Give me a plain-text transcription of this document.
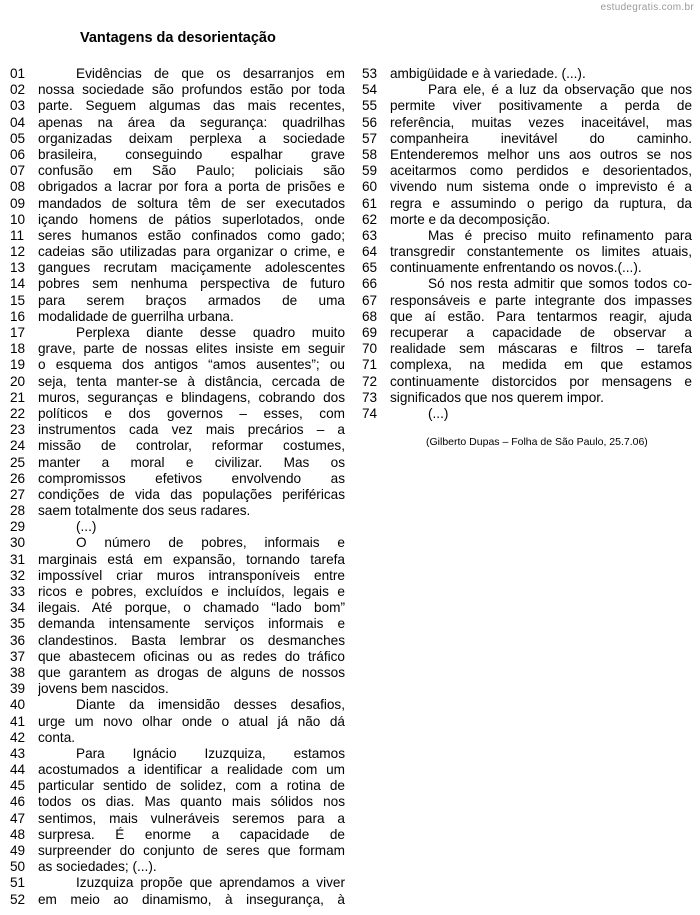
estudegratis.com.br
Vantagens da desorientação
01	Evidências de que os desarranjos em
02 nossa sociedade são profundos estão por toda
03 parte. Seguem algumas das mais recentes,
04 apenas na área da segurança: quadrilhas
05 organizadas deixam perplexa a sociedade
06 brasileira, conseguindo espalhar grave
07 confusão em São Paulo; policiais são
08 obrigados a lacrar por fora a porta de prisões e
09 mandados de soltura têm de ser executados
10 içando homens de pátios superlotados, onde
11	seres humanos estão confinados como gado;
12 cadeias são utilizadas para organizar o crime, e
13 gangues recrutam maciçamente adolescentes
14 pobres sem nenhuma perspectiva de futuro
15 para serem braços armados de uma
16 modalidade de guerrilha urbana.
17	Perplexa diante desse quadro muito
18 grave, parte de nossas elites insiste em seguir
19 o esquema dos antigos “amos ausentes”; ou
20 seja, tenta manter-se à distância, cercada de
21 muros, seguranças e blindagens, cobrando dos
22 políticos e dos governos – esses, com
23 instrumentos cada vez mais precários – a
24 missão de controlar, reformar costumes,
25 manter a moral e civilizar. Mas os
26 compromissos efetivos envolvendo as
27 condições de vida das populações periféricas
28 saem totalmente dos seus radares.
29	(...)
30	O número de pobres, informais e
31 marginais está em expansão, tornando tarefa
32 impossível criar muros intransponíveis entre
33 ricos e pobres, excluídos e incluídos, legais e
34 ilegais. Até porque, o chamado “lado bom”
35 demanda intensamente serviços informais e
36 clandestinos. Basta lembrar os desmanches
37 que abastecem oficinas ou as redes do tráfico
38 que garantem as drogas de alguns de nossos
39 jovens bem nascidos.
40	Diante da imensidão desses desafios,
41 urge um novo olhar onde o atual já não dá
42 conta.
43	Para Ignácio Izuzquiza, estamos
44 acostumados a identificar a realidade com um
45 particular sentido de solidez, com a rotina de
46 todos os dias. Mas quanto mais sólidos nos
47 sentimos, mais vulneráveis seremos para a
48 surpresa. É enorme a capacidade de
49 surpreender do conjunto de seres que formam
50 as sociedades; (...).
51	Izuzquiza propõe que aprendamos a viver
52 em meio ao dinamismo, à insegurança, à
53 ambigüidade e à variedade. (...).
54	Para ele, é a luz da observação que nos
55 permite viver positivamente a perda de
56 referência, muitas vezes inaceitável, mas
57 companheira inevitável do caminho.
58 Entenderemos melhor uns aos outros se nos
59 aceitarmos como perdidos e desorientados,
60 vivendo num sistema onde o imprevisto é a
61 regra e assumindo o perigo da ruptura, da
62 morte e da decomposição.
63	Mas é preciso muito refinamento para
64 transgredir constantemente os limites atuais,
65 continuamente enfrentando os novos.(...).
66	Só nos resta admitir que somos todos co-
67 responsáveis e parte integrante dos impasses
68 que aí estão. Para tentarmos reagir, ajuda
69 recuperar a capacidade de observar a
70 realidade sem máscaras e filtros – tarefa
71 complexa, na medida em que estamos
72 continuamente distorcidos por mensagens e
73 significados que nos querem impor.
74	(...)
(Gilberto Dupas – Folha de São Paulo, 25.7.06)
